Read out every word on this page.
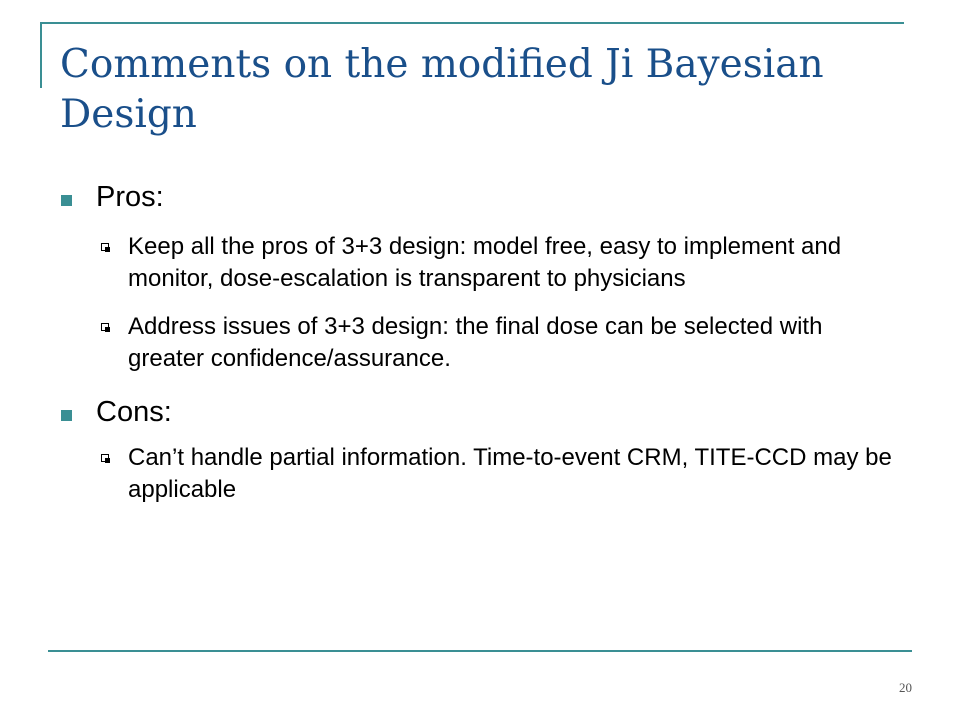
Comments on the modified Ji Bayesian Design
Pros:
Keep all the pros of 3+3 design: model free, easy to implement and monitor, dose-escalation is transparent to physicians
Address issues of 3+3 design: the final dose can be selected with greater confidence/assurance.
Cons:
Can’t handle partial information. Time-to-event CRM, TITE-CCD may be applicable
20
